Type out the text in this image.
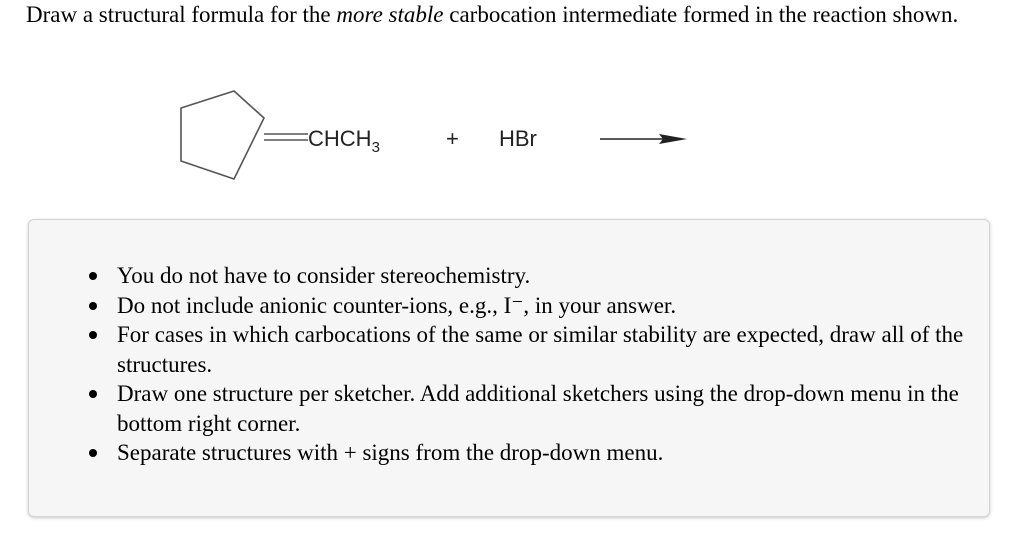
Draw a structural formula for the more stable carbocation intermediate formed in the reaction shown.
$CHCH_3$	+ HBr
You do not have to consider stereochemistry.
Do not include anionic counter-ions, e.g., I⁻, in your answer.
For cases in which carbocations of the same or similar stability are expected, draw all of the structures.
Draw one structure per sketcher. Add additional sketchers using the drop-down menu in the bottom right corner.
Separate structures with + signs from the drop-down menu.
